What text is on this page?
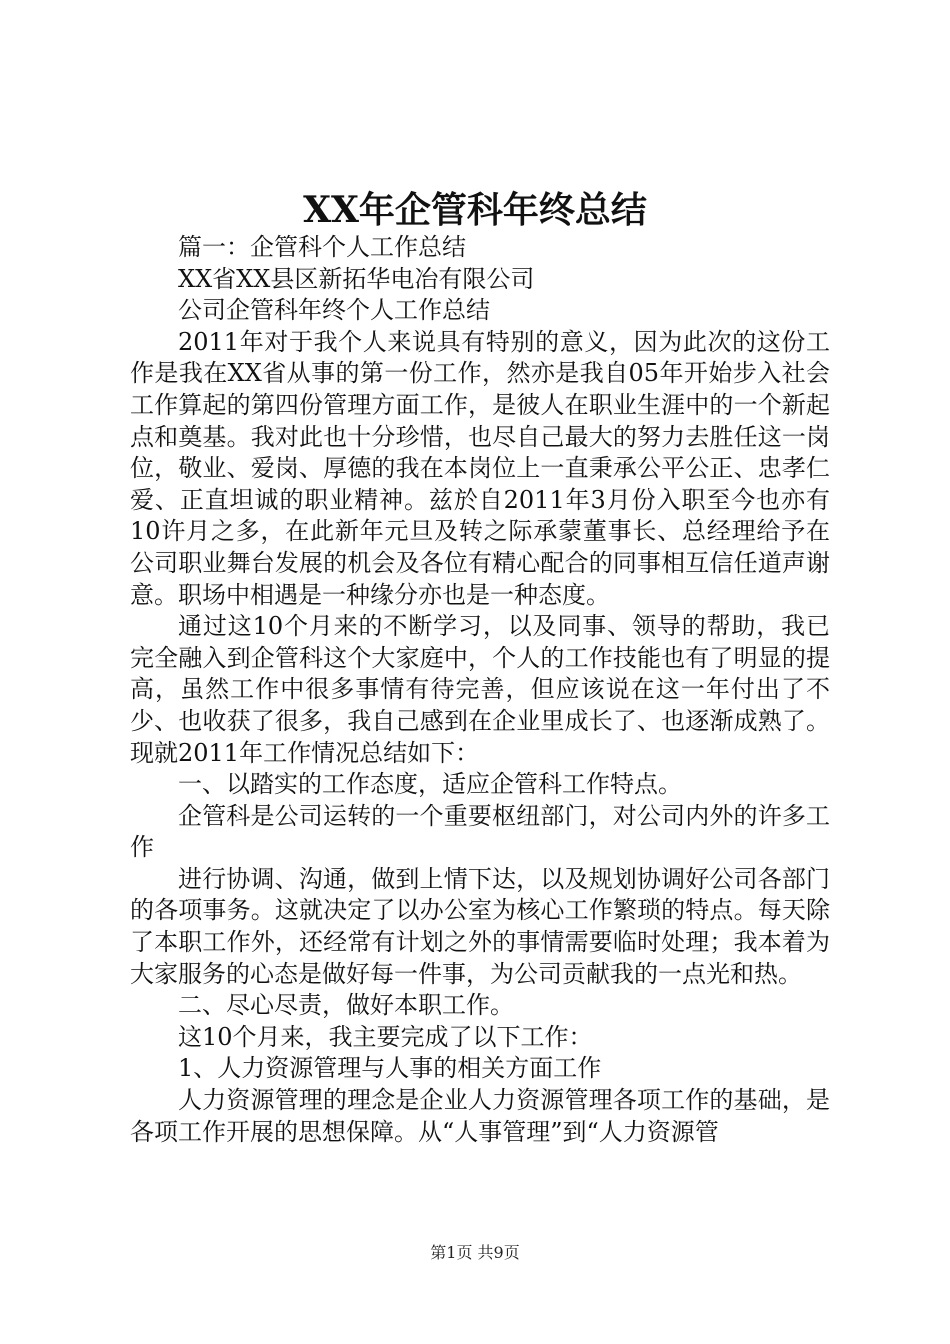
XX年企管科年终总结

篇一：企管科个人工作总结

XX省XX县区新拓华电冶有限公司

公司企管科年终个人工作总结

2011年对于我个人来说具有特别的意义，因为此次的这份工作是我在XX省从事的第一份工作，然亦是我自05年开始步入社会工作算起的第四份管理方面工作，是彼人在职业生涯中的一个新起点和奠基。我对此也十分珍惜，也尽自己最大的努力去胜任这一岗位，敬业、爱岗、厚德的我在本岗位上一直秉承公平公正、忠孝仁爱、正直坦诚的职业精神。兹於自2011年3月份入职至今也亦有10许月之多，在此新年元旦及转之际承蒙董事长、总经理给予在公司职业舞台发展的机会及各位有精心配合的同事相互信任道声谢意。职场中相遇是一种缘分亦也是一种态度。

通过这10个月来的不断学习，以及同事、领导的帮助，我已完全融入到企管科这个大家庭中，个人的工作技能也有了明显的提高，虽然工作中很多事情有待完善，但应该说在这一年付出了不少、也收获了很多，我自己感到在企业里成长了、也逐渐成熟了。现就2011年工作情况总结如下：

一、以踏实的工作态度，适应企管科工作特点。

企管科是公司运转的一个重要枢纽部门，对公司内外的许多工作

进行协调、沟通，做到上情下达，以及规划协调好公司各部门的各项事务。这就决定了以办公室为核心工作繁琐的特点。每天除了本职工作外，还经常有计划之外的事情需要临时处理；我本着为大家服务的心态是做好每一件事，为公司贡献我的一点光和热。

二、尽心尽责，做好本职工作。

这10个月来，我主要完成了以下工作：

1、人力资源管理与人事的相关方面工作

人力资源管理的理念是企业人力资源管理各项工作的基础，是各项工作开展的思想保障。从“人事管理”到“人力资源管

第1页 共9页
